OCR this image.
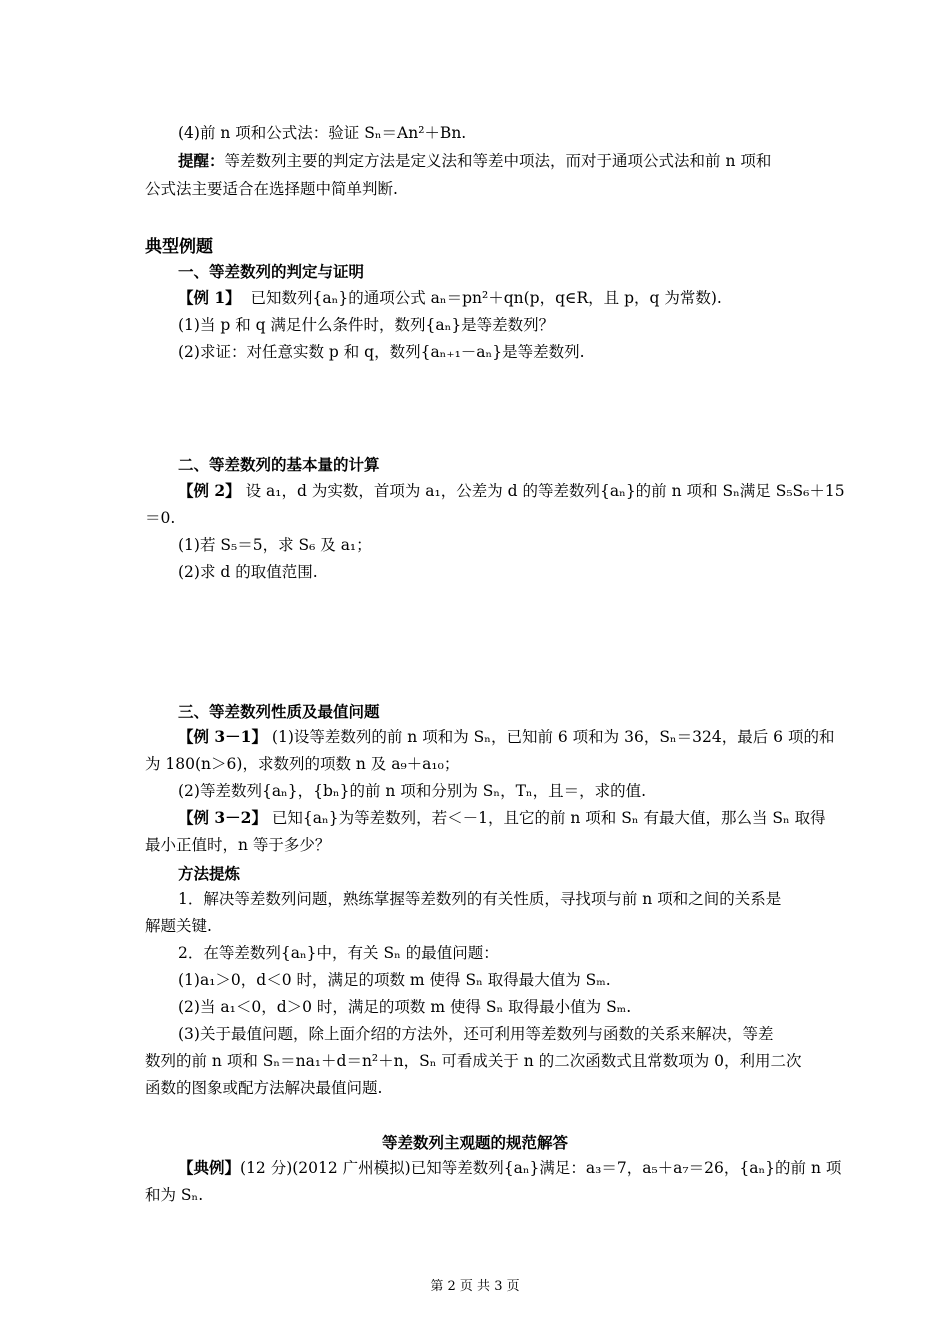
(4)前 n 项和公式法：验证 Sₙ＝An²＋Bn.
提醒：等差数列主要的判定方法是定义法和等差中项法，而对于通项公式法和前 n 项和
公式法主要适合在选择题中简单判断.
典型例题
一、等差数列的判定与证明
【例 1】 已知数列{aₙ}的通项公式 aₙ＝pn²＋qn(p，q∈R，且 p，q 为常数).
(1)当 p 和 q 满足什么条件时，数列{aₙ}是等差数列？
(2)求证：对任意实数 p 和 q，数列{aₙ₊₁－aₙ}是等差数列.
二、等差数列的基本量的计算
【例 2】 设 a₁，d 为实数，首项为 a₁，公差为 d 的等差数列{aₙ}的前 n 项和 Sₙ满足 S₅S₆＋15
＝0.
(1)若 S₅＝5，求 S₆ 及 a₁；
(2)求 d 的取值范围.
三、等差数列性质及最值问题
【例 3－1】 (1)设等差数列的前 n 项和为 Sₙ，已知前 6 项和为 36，Sₙ＝324，最后 6 项的和
为 180(n＞6)，求数列的项数 n 及 a₉＋a₁₀；
(2)等差数列{aₙ}，{bₙ}的前 n 项和分别为 Sₙ，Tₙ，且＝，求的值.
【例 3－2】 已知{aₙ}为等差数列，若＜－1，且它的前 n 项和 Sₙ 有最大值，那么当 Sₙ 取得
最小正值时，n 等于多少？
方法提炼
1．解决等差数列问题，熟练掌握等差数列的有关性质，寻找项与前 n 项和之间的关系是
解题关键.
2．在等差数列{aₙ}中，有关 Sₙ 的最值问题：
(1)a₁＞0，d＜0 时，满足的项数 m 使得 Sₙ 取得最大值为 Sₘ.
(2)当 a₁＜0，d＞0 时，满足的项数 m 使得 Sₙ 取得最小值为 Sₘ.
(3)关于最值问题，除上面介绍的方法外，还可利用等差数列与函数的关系来解决，等差
数列的前 n 项和 Sₙ＝na₁＋d＝n²＋n，Sₙ 可看成关于 n 的二次函数式且常数项为 0，利用二次
函数的图象或配方法解决最值问题.
等差数列主观题的规范解答
【典例】(12 分)(2012 广州模拟)已知等差数列{aₙ}满足：a₃＝7，a₅＋a₇＝26，{aₙ}的前 n 项
和为 Sₙ.
第 2 页 共 3 页
